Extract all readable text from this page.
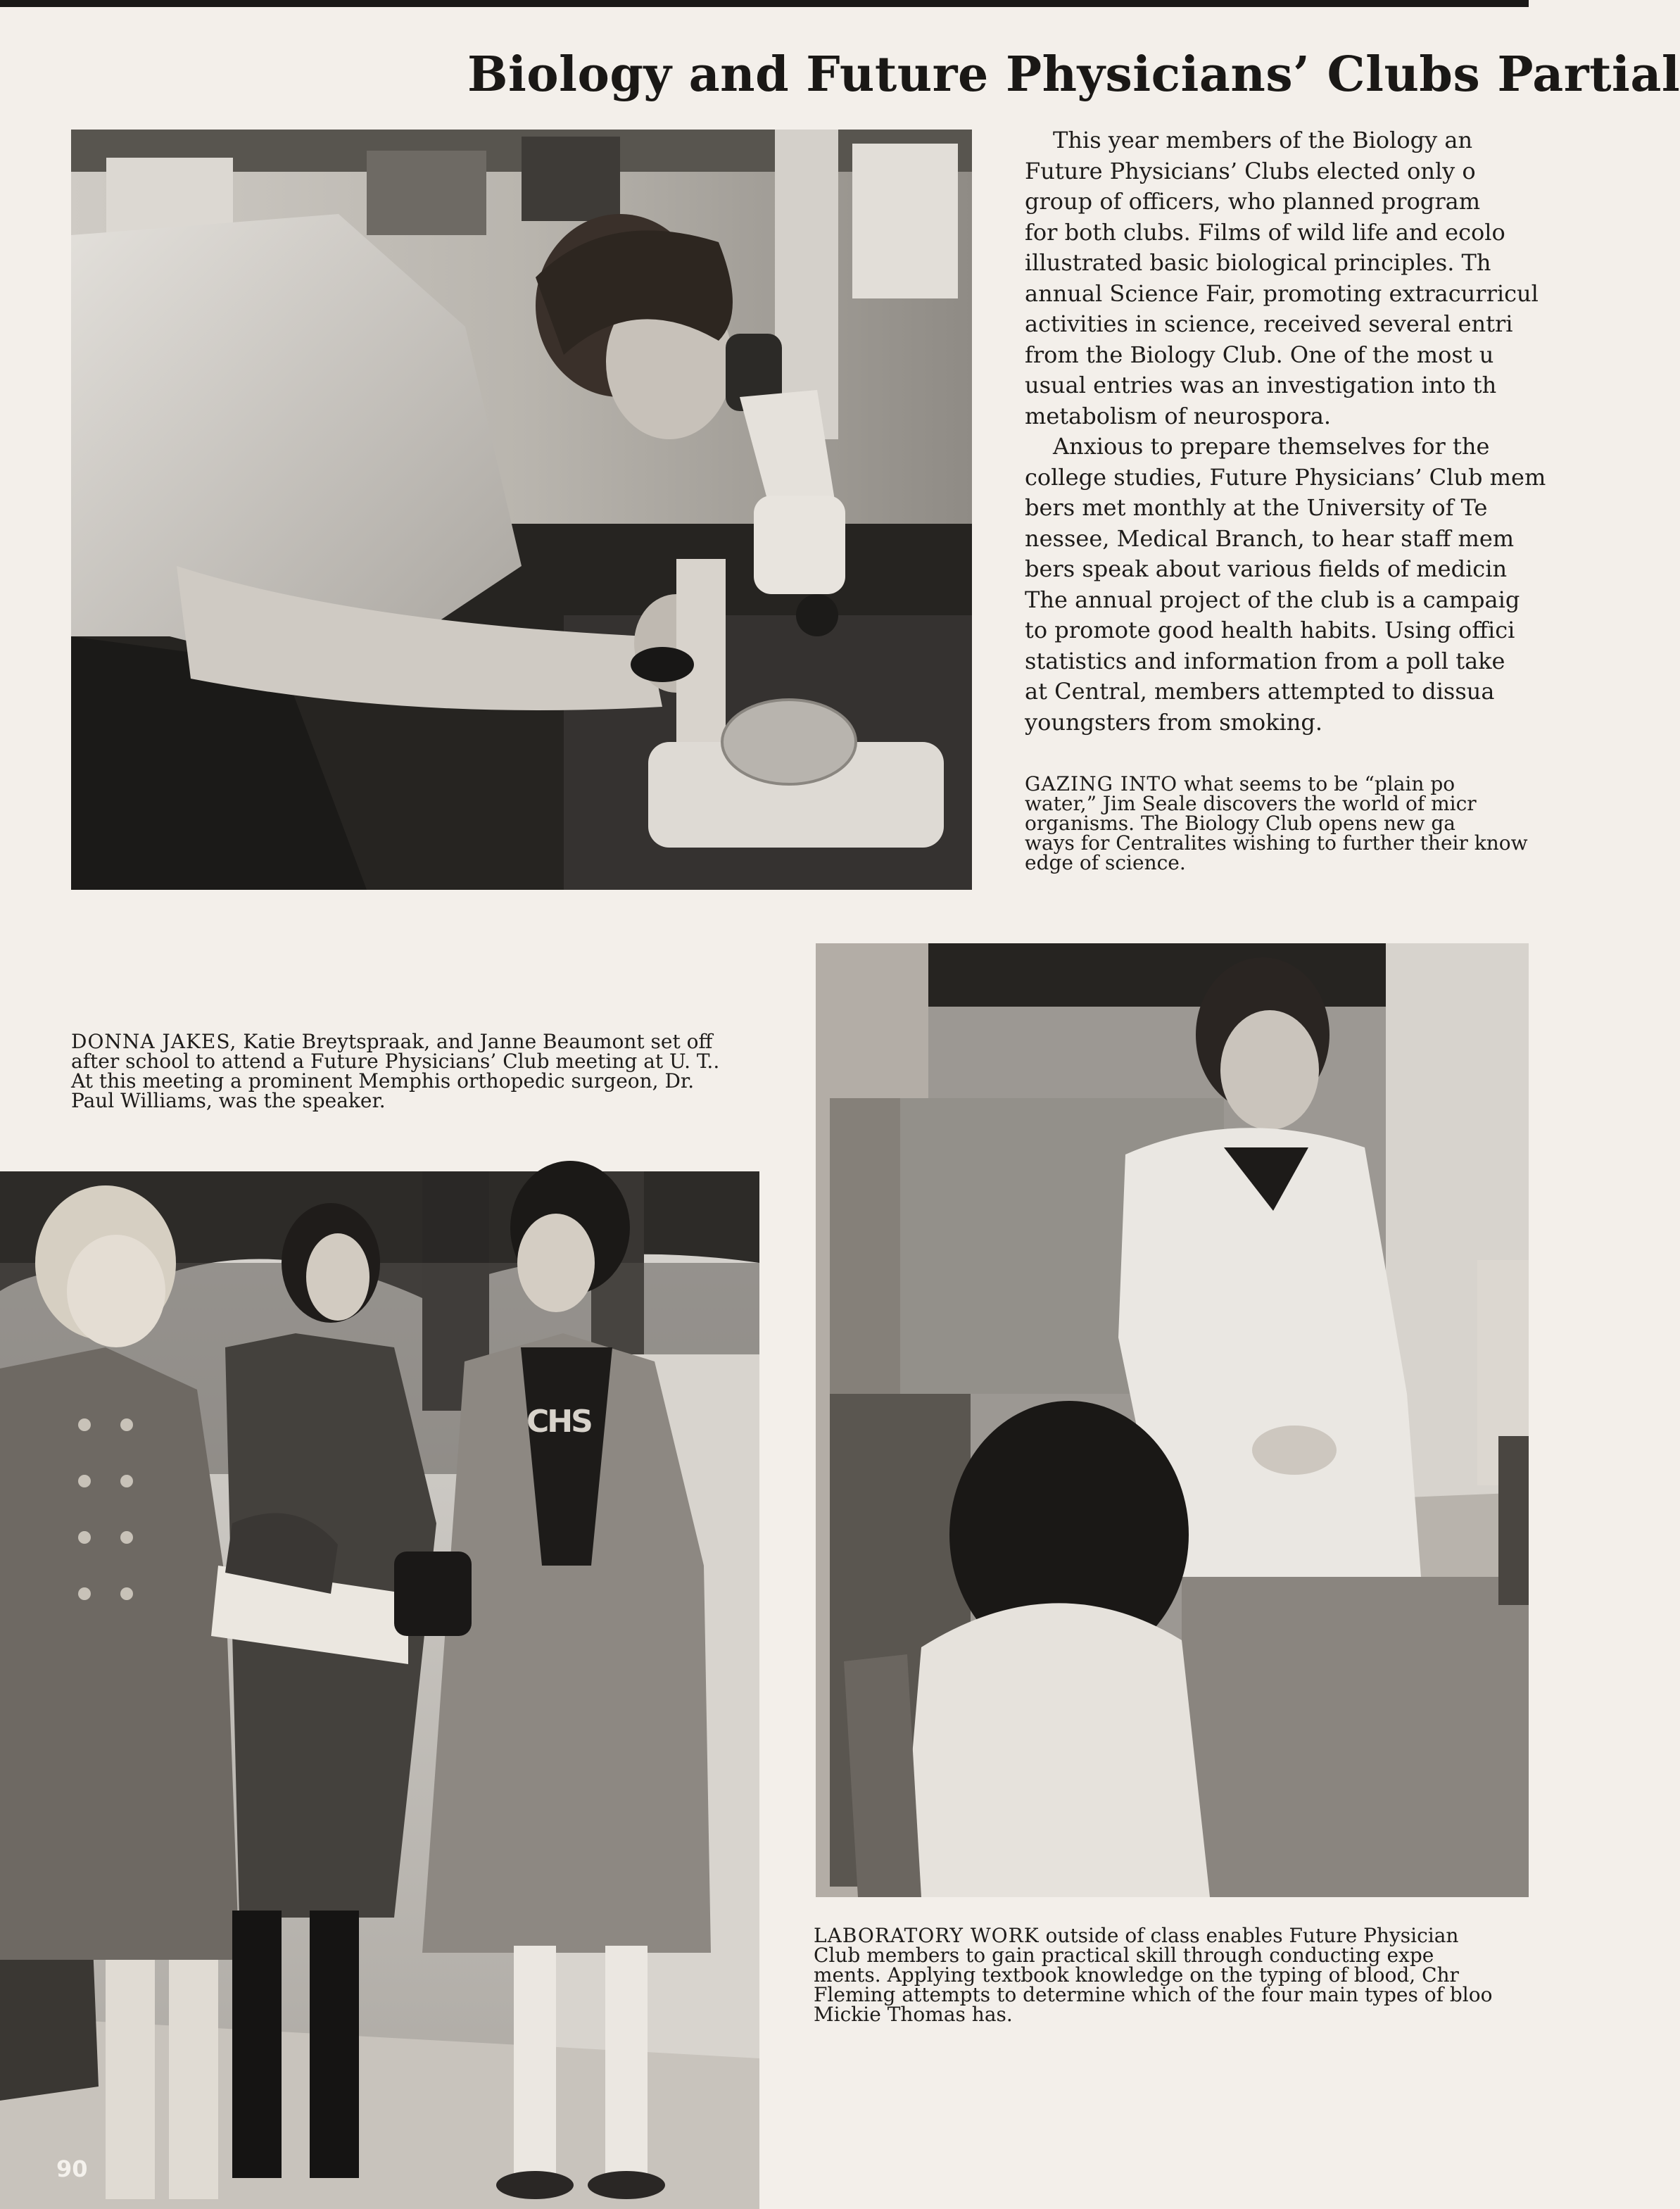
Biology and Future Physicians’ Clubs Partial
This year members of the Biology an
Future Physicians’ Clubs elected only o
group of officers, who planned program
for both clubs. Films of wild life and ecolo
illustrated basic biological principles. Th
annual Science Fair, promoting extracurricul
activities in science, received several entri
from the Biology Club. One of the most u
usual entries was an investigation into th
metabolism of neurospora.
Anxious to prepare themselves for the
college studies, Future Physicians’ Club mem
bers met monthly at the University of Te
nessee, Medical Branch, to hear staff mem
bers speak about various fields of medicin
The annual project of the club is a campaig
to promote good health habits. Using offici
statistics and information from a poll take
at Central, members attempted to dissua
youngsters from smoking.
GAZING INTO what seems to be “plain po
water,” Jim Seale discovers the world of micr
organisms. The Biology Club opens new ga
ways for Centralites wishing to further their know
edge of science.
DONNA JAKES, Katie Breytspraak, and Janne Beaumont set off
after school to attend a Future Physicians’ Club meeting at U. T..
At this meeting a prominent Memphis orthopedic surgeon, Dr.
Paul Williams, was the speaker.
CHS
LABORATORY WORK outside of class enables Future Physician
Club members to gain practical skill through conducting expe
ments. Applying textbook knowledge on the typing of blood, Chr
Fleming attempts to determine which of the four main types of bloo
Mickie Thomas has.
90
